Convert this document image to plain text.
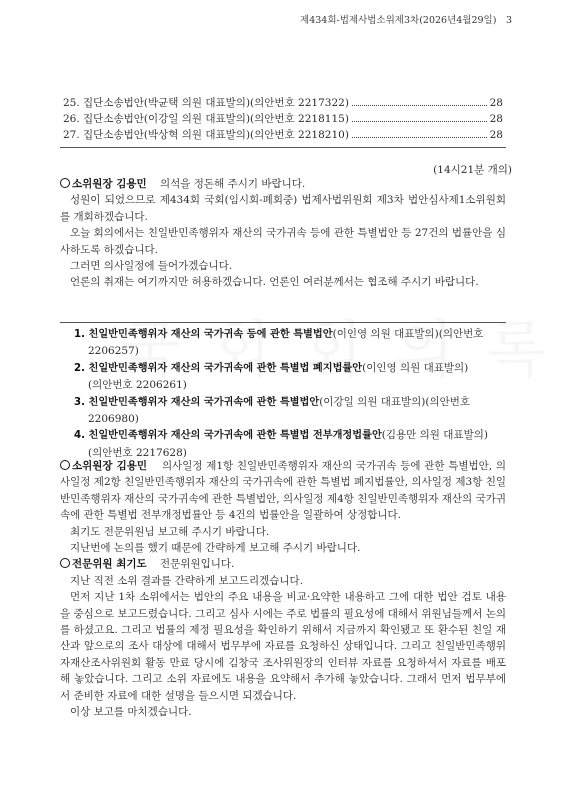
제434회-법제사법소위제3차(2026년4월29일)　3
25. 집단소송법안(박균택 의원 대표발의)(의안번호 2217322)	28
26. 집단소송법안(이강일 의원 대표발의)(의안번호 2218115)	28
27. 집단소송법안(박상혁 의원 대표발의)(의안번호 2218210)	28
(14시21분 개의)
소위원장 김용민 의석을 정돈해 주시기 바랍니다.
성원이 되었으므로 제434회 국회(임시회-폐회중) 법제사법위원회 제3차 법안심사제1소위원회를 개회하겠습니다.
오늘 회의에서는 친일반민족행위자 재산의 국가귀속 등에 관한 특별법안 등 27건의 법률안을 심사하도록 하겠습니다.
그러면 의사일정에 들어가겠습니다.
언론의 취재는 여기까지만 허용하겠습니다. 언론인 여러분께서는 협조해 주시기 바랍니다.
1. 친일반민족행위자 재산의 국가귀속 등에 관한 특별법안(이인영 의원 대표발의)(의안번호
2206257)
2. 친일반민족행위자 재산의 국가귀속에 관한 특별법 폐지법률안(이인영 의원 대표발의)
(의안번호 2206261)
3. 친일반민족행위자 재산의 국가귀속에 관한 특별법안(이강일 의원 대표발의)(의안번호
2206980)
4. 친일반민족행위자 재산의 국가귀속에 관한 특별법 전부개정법률안(김용만 의원 대표발의)
(의안번호 2217628)
소위원장 김용민 의사일정 제1항 친일반민족행위자 재산의 국가귀속 등에 관한 특별법안, 의사일정 제2항 친일반민족행위자 재산의 국가귀속에 관한 특별법 폐지법률안, 의사일정 제3항 친일반민족행위자 재산의 국가귀속에 관한 특별법안, 의사일정 제4항 친일반민족행위자 재산의 국가귀속에 관한 특별법 전부개정법률안 등 4건의 법률안을 일괄하여 상정합니다.
최기도 전문위원님 보고해 주시기 바랍니다.
지난번에 논의를 했기 때문에 간략하게 보고해 주시기 바랍니다.
전문위원 최기도 전문위원입니다.
지난 직전 소위 결과를 간략하게 보고드리겠습니다.
먼저 지난 1차 소위에서는 법안의 주요 내용을 비교·요약한 내용하고 그에 대한 법안 검토 내용을 중심으로 보고드렸습니다. 그리고 심사 시에는 주로 법률의 필요성에 대해서 위원님들께서 논의를 하셨고요. 그리고 법률의 제정 필요성을 확인하기 위해서 지금까지 확인됐고 또 환수된 친일 재산과 앞으로의 조사 대상에 대해서 법무부에 자료를 요청하신 상태입니다. 그리고 친일반민족행위자재산조사위원회 활동 만료 당시에 김창국 조사위원장의 인터뷰 자료를 요청하셔서 자료를 배포해 놓았습니다. 그리고 소위 자료에도 내용을 요약해서 추가해 놓았습니다. 그래서 먼저 법무부에서 준비한 자료에 대한 설명을 들으시면 되겠습니다.
이상 보고를 마치겠습니다.
